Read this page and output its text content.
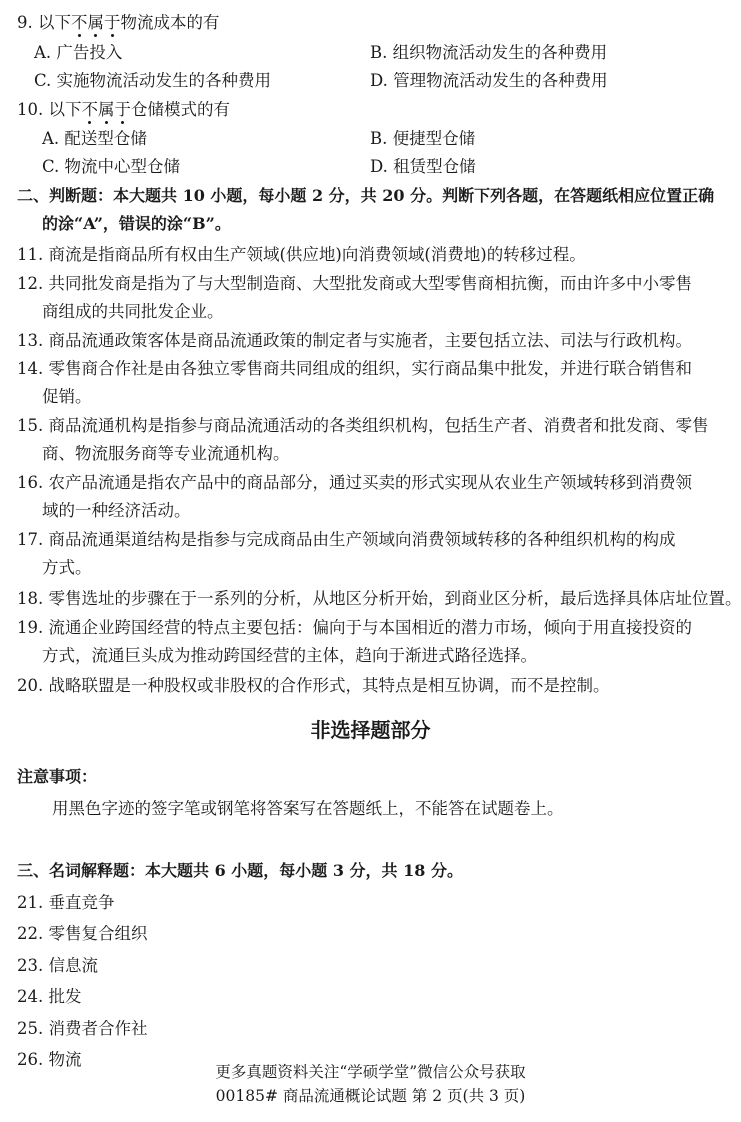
9. 以下不属于物流成本的有
A. 广告投入	B. 组织物流活动发生的各种费用
C. 实施物流活动发生的各种费用	D. 管理物流活动发生的各种费用
10. 以下不属于仓储模式的有
A. 配送型仓储	B. 便捷型仓储
C. 物流中心型仓储	D. 租赁型仓储
二、判断题：本大题共 10 小题，每小题 2 分，共 20 分。判断下列各题，在答题纸相应位置正确
的涂“A”，错误的涂“B”。
11. 商流是指商品所有权由生产领域(供应地)向消费领域(消费地)的转移过程。
12. 共同批发商是指为了与大型制造商、大型批发商或大型零售商相抗衡，而由许多中小零售
商组成的共同批发企业。
13. 商品流通政策客体是商品流通政策的制定者与实施者，主要包括立法、司法与行政机构。
14. 零售商合作社是由各独立零售商共同组成的组织，实行商品集中批发，并进行联合销售和
促销。
15. 商品流通机构是指参与商品流通活动的各类组织机构，包括生产者、消费者和批发商、零售
商、物流服务商等专业流通机构。
16. 农产品流通是指农产品中的商品部分，通过买卖的形式实现从农业生产领域转移到消费领
域的一种经济活动。
17. 商品流通渠道结构是指参与完成商品由生产领域向消费领域转移的各种组织机构的构成
方式。
18. 零售选址的步骤在于一系列的分析，从地区分析开始，到商业区分析，最后选择具体店址位置。
19. 流通企业跨国经营的特点主要包括：偏向于与本国相近的潜力市场，倾向于用直接投资的
方式，流通巨头成为推动跨国经营的主体，趋向于渐进式路径选择。
20. 战略联盟是一种股权或非股权的合作形式，其特点是相互协调，而不是控制。
非选择题部分
注意事项：
用黑色字迹的签字笔或钢笔将答案写在答题纸上，不能答在试题卷上。
三、名词解释题：本大题共 6 小题，每小题 3 分，共 18 分。
21. 垂直竞争
22. 零售复合组织
23. 信息流
24. 批发
25. 消费者合作社
26. 物流
更多真题资料关注“学硕学堂”微信公众号获取
00185# 商品流通概论试题 第 2 页(共 3 页)
